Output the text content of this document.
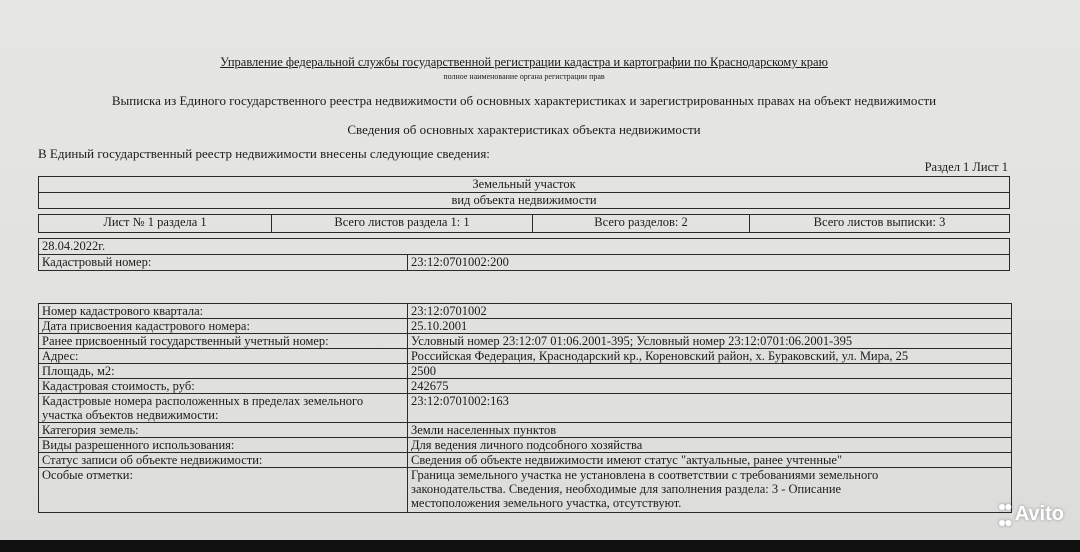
Управление федеральной службы государственной регистрации кадастра и картографии по Краснодарскому краю
полное наименование органа регистрации прав
Выписка из Единого государственного реестра недвижимости об основных характеристиках и зарегистрированных правах на объект недвижимости
Сведения об основных характеристиках объекта недвижимости
В Единый государственный реестр недвижимости внесены следующие сведения:
Раздел 1 Лист 1
Земельный участок
вид объекта недвижимости
Лист № 1 раздела 1	Всего листов раздела 1: 1	Всего разделов: 2	Всего листов выписки: 3
28.04.2022г.
Кадастровый номер:	23:12:0701002:200
Номер кадастрового квартала:	23:12:0701002
Дата присвоения кадастрового номера:	25.10.2001
Ранее присвоенный государственный учетный номер:	Условный номер 23:12:07 01:06.2001-395; Условный номер 23:12:0701:06.2001-395
Адрес:	Российская Федерация, Краснодарский кр., Кореновский район, х. Бураковский, ул. Мира, 25
Площадь, м2:	2500
Кадастровая стоимость, руб:	242675
Кадастровые номера расположенных в пределах земельного участка объектов недвижимости:	23:12:0701002:163
Категория земель:	Земли населенных пунктов
Виды разрешенного использования:	Для ведения личного подсобного хозяйства
Статус записи об объекте недвижимости:	Сведения об объекте недвижимости имеют статус "актуальные, ранее учтенные"
Особые отметки:	Граница земельного участка не установлена в соответствии с требованиями земельного законодательства. Сведения, необходимые для заполнения раздела: 3 - Описание местоположения земельного участка, отсутствуют.	●●
●● Avito
